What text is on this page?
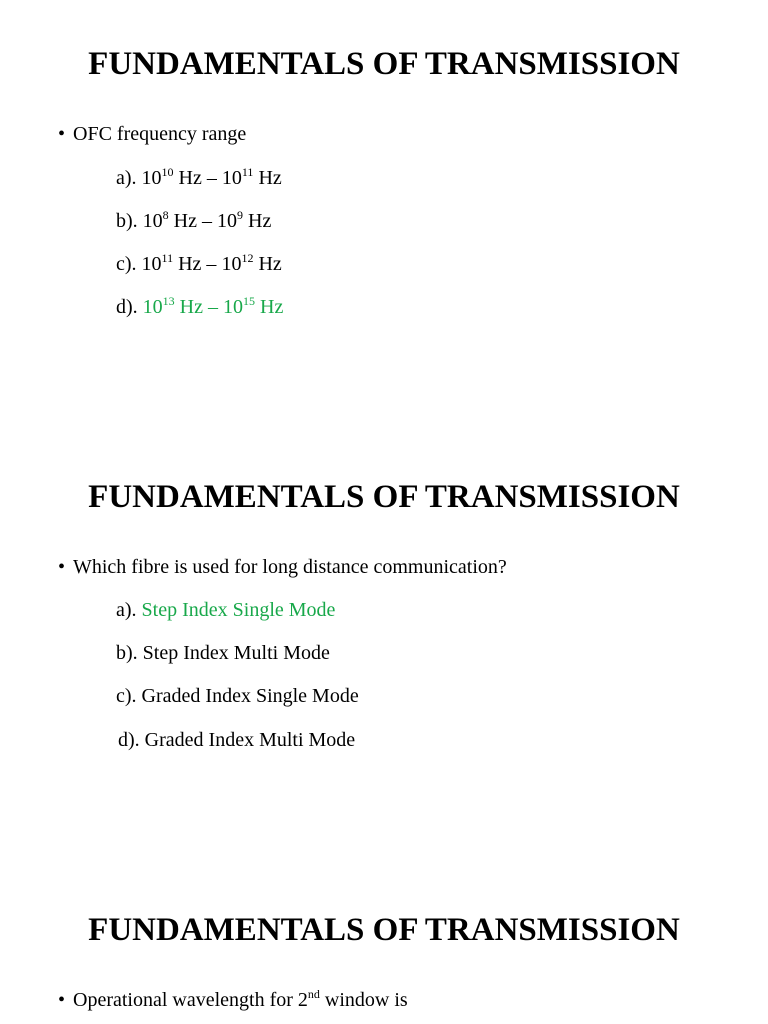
FUNDAMENTALS OF TRANSMISSION
• OFC frequency range
a). $10^{10}$ Hz – $10^{11}$ Hz
b). $10^8$ Hz – $10^9$ Hz
c). $10^{11}$ Hz – $10^{12}$ Hz
d). $10^{13}$ Hz – $10^{15}$ Hz
FUNDAMENTALS OF TRANSMISSION
• Which fibre is used for long distance communication?
a). Step Index Single Mode
b). Step Index Multi Mode
c). Graded Index Single Mode
d). Graded Index Multi Mode
FUNDAMENTALS OF TRANSMISSION
• Operational wavelength for 2nd window is
